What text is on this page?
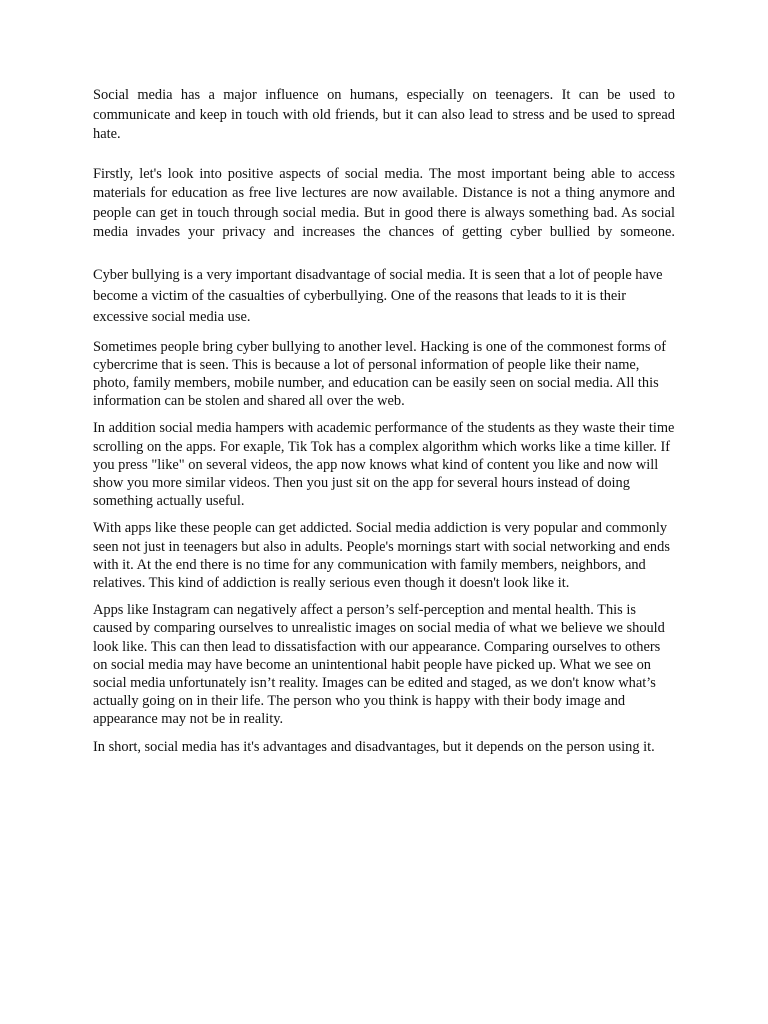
Social media has a major influence on humans, especially on teenagers. It can be used to communicate and keep in touch with old friends, but it can also lead to stress and be used to spread hate.

Firstly, let's look into positive aspects of social media. The most important being able to access materials for education as free live lectures are now available. Distance is not a thing anymore and people can get in touch through social media. But in good there is always something bad. As social media invades your privacy and increases the chances of getting cyber bullied by someone.

Cyber bullying is a very important disadvantage of social media. It is seen that a lot of people have become a victim of the casualties of cyberbullying. One of the reasons that leads to it is their excessive social media use.

Sometimes people bring cyber bullying to another level. Hacking is one of the commonest forms of cybercrime that is seen. This is because a lot of personal information of people like their name, photo, family members, mobile number, and education can be easily seen on social media. All this information can be stolen and shared all over the web.

In addition social media hampers with academic performance of the students as they waste their time scrolling on the apps. For exaple, Tik Tok has a complex algorithm which works like a time killer. If you press "like" on several videos, the app now knows what kind of content you like and now will show you more similar videos. Then you just sit on the app for several hours instead of doing something actually useful.

With apps like these people can get addicted. Social media addiction is very popular and commonly seen not just in teenagers but also in adults. People's mornings start with social networking and ends with it. At the end there is no time for any communication with family members, neighbors, and relatives. This kind of addiction is really serious even though it doesn't look like it.

Apps like Instagram can negatively affect a person’s self-perception and mental health. This is caused by comparing ourselves to unrealistic images on social media of what we believe we should look like. This can then lead to dissatisfaction with our appearance. Comparing ourselves to others on social media may have become an unintentional habit people have picked up. What we see on social media unfortunately isn’t reality. Images can be edited and staged, as we don't know what’s actually going on in their life. The person who you think is happy with their body image and appearance may not be in reality.

In short, social media has it's advantages and disadvantages, but it depends on the person using it.
